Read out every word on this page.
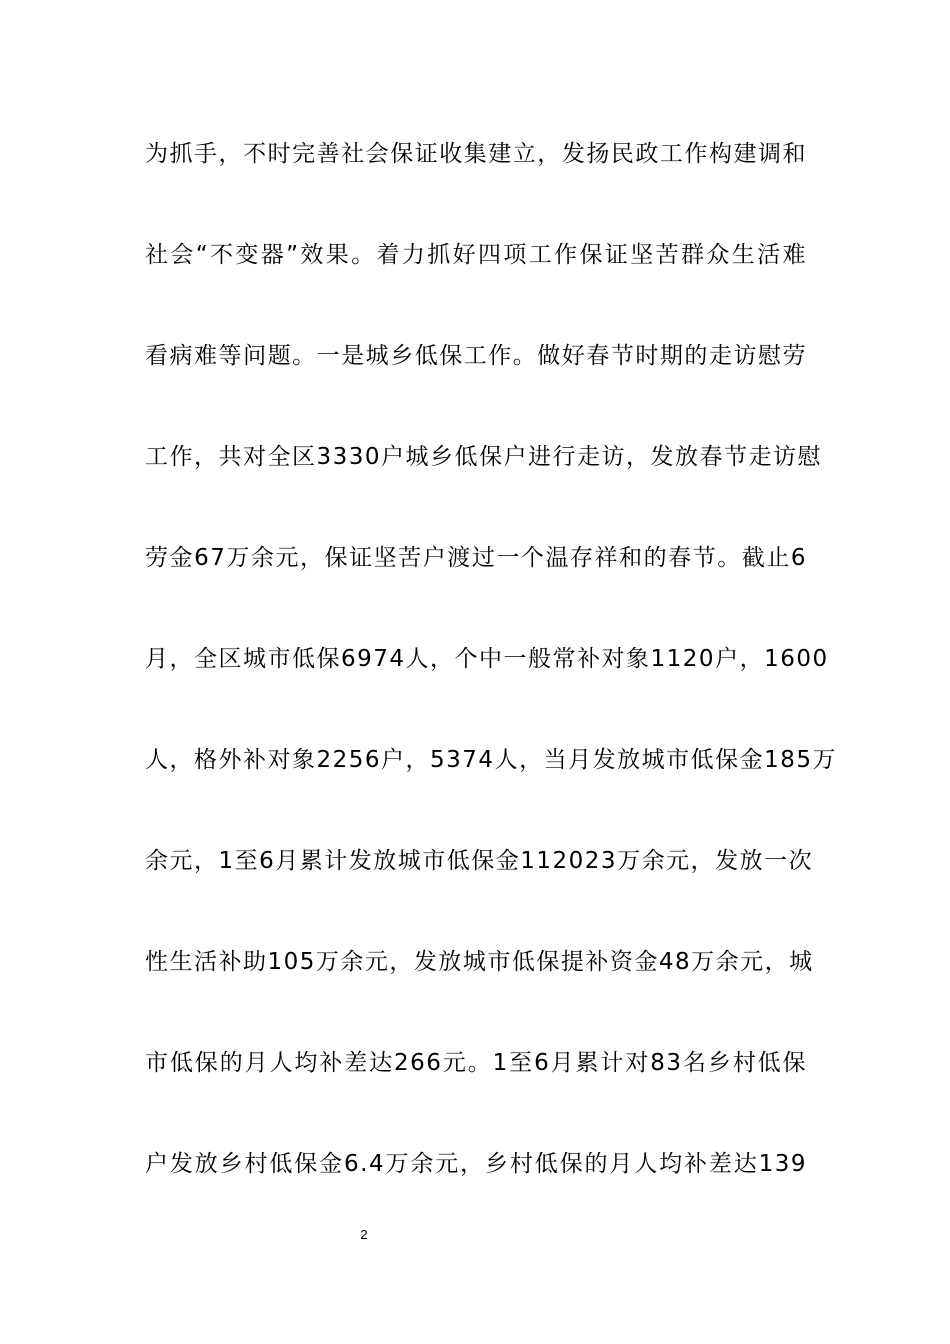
为抓手，不时完善社会保证收集建立，发扬民政工作构建调和
社会“不变器”效果。着力抓好四项工作保证坚苦群众生活难
看病难等问题。一是城乡低保工作。做好春节时期的走访慰劳
工作，共对全区3330户城乡低保户进行走访，发放春节走访慰
劳金67万余元，保证坚苦户渡过一个温存祥和的春节。截止6
月，全区城市低保6974人，个中一般常补对象1120户，1600
人，格外补对象2256户，5374人，当月发放城市低保金185万
余元，1至6月累计发放城市低保金112023万余元，发放一次
性生活补助105万余元，发放城市低保提补资金48万余元，城
市低保的月人均补差达266元。1至6月累计对83名乡村低保
户发放乡村低保金6.4万余元，乡村低保的月人均补差达139
2
